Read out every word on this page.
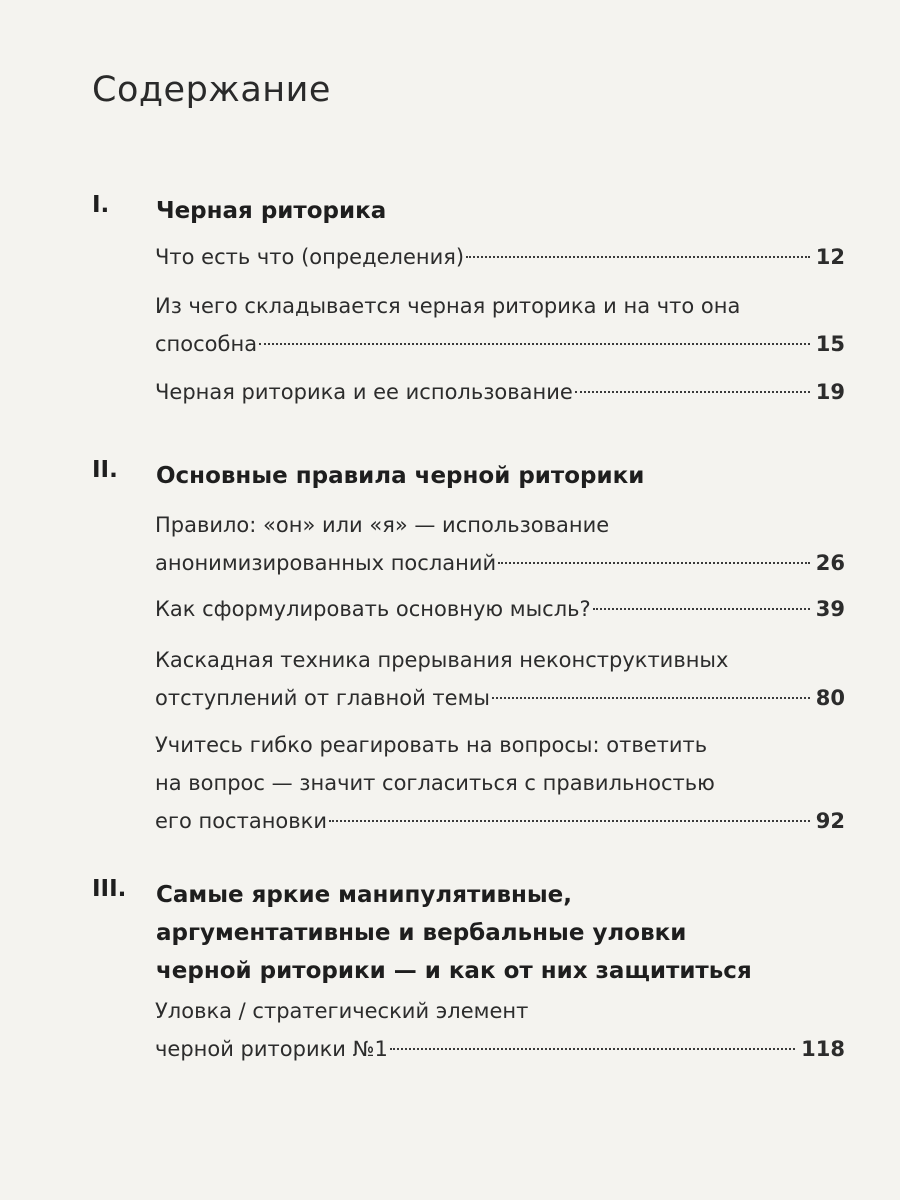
Содержание
I. Черная риторика
Что есть что (определения)	12
Из чего складывается черная риторика и на что она
способна	15
Черная риторика и ее использование	19
II. Основные правила черной риторики
Правило: «он» или «я» — использование
анонимизированных посланий	26
Как сформулировать основную мысль?	39
Каскадная техника прерывания неконструктивных
отступлений от главной темы	80
Учитесь гибко реагировать на вопросы: ответить
на вопрос — значит согласиться с правильностью
его постановки	92
III. Самые яркие манипулятивные,
аргументативные и вербальные уловки
черной риторики — и как от них защититься
Уловка / стратегический элемент
черной риторики №1	118
